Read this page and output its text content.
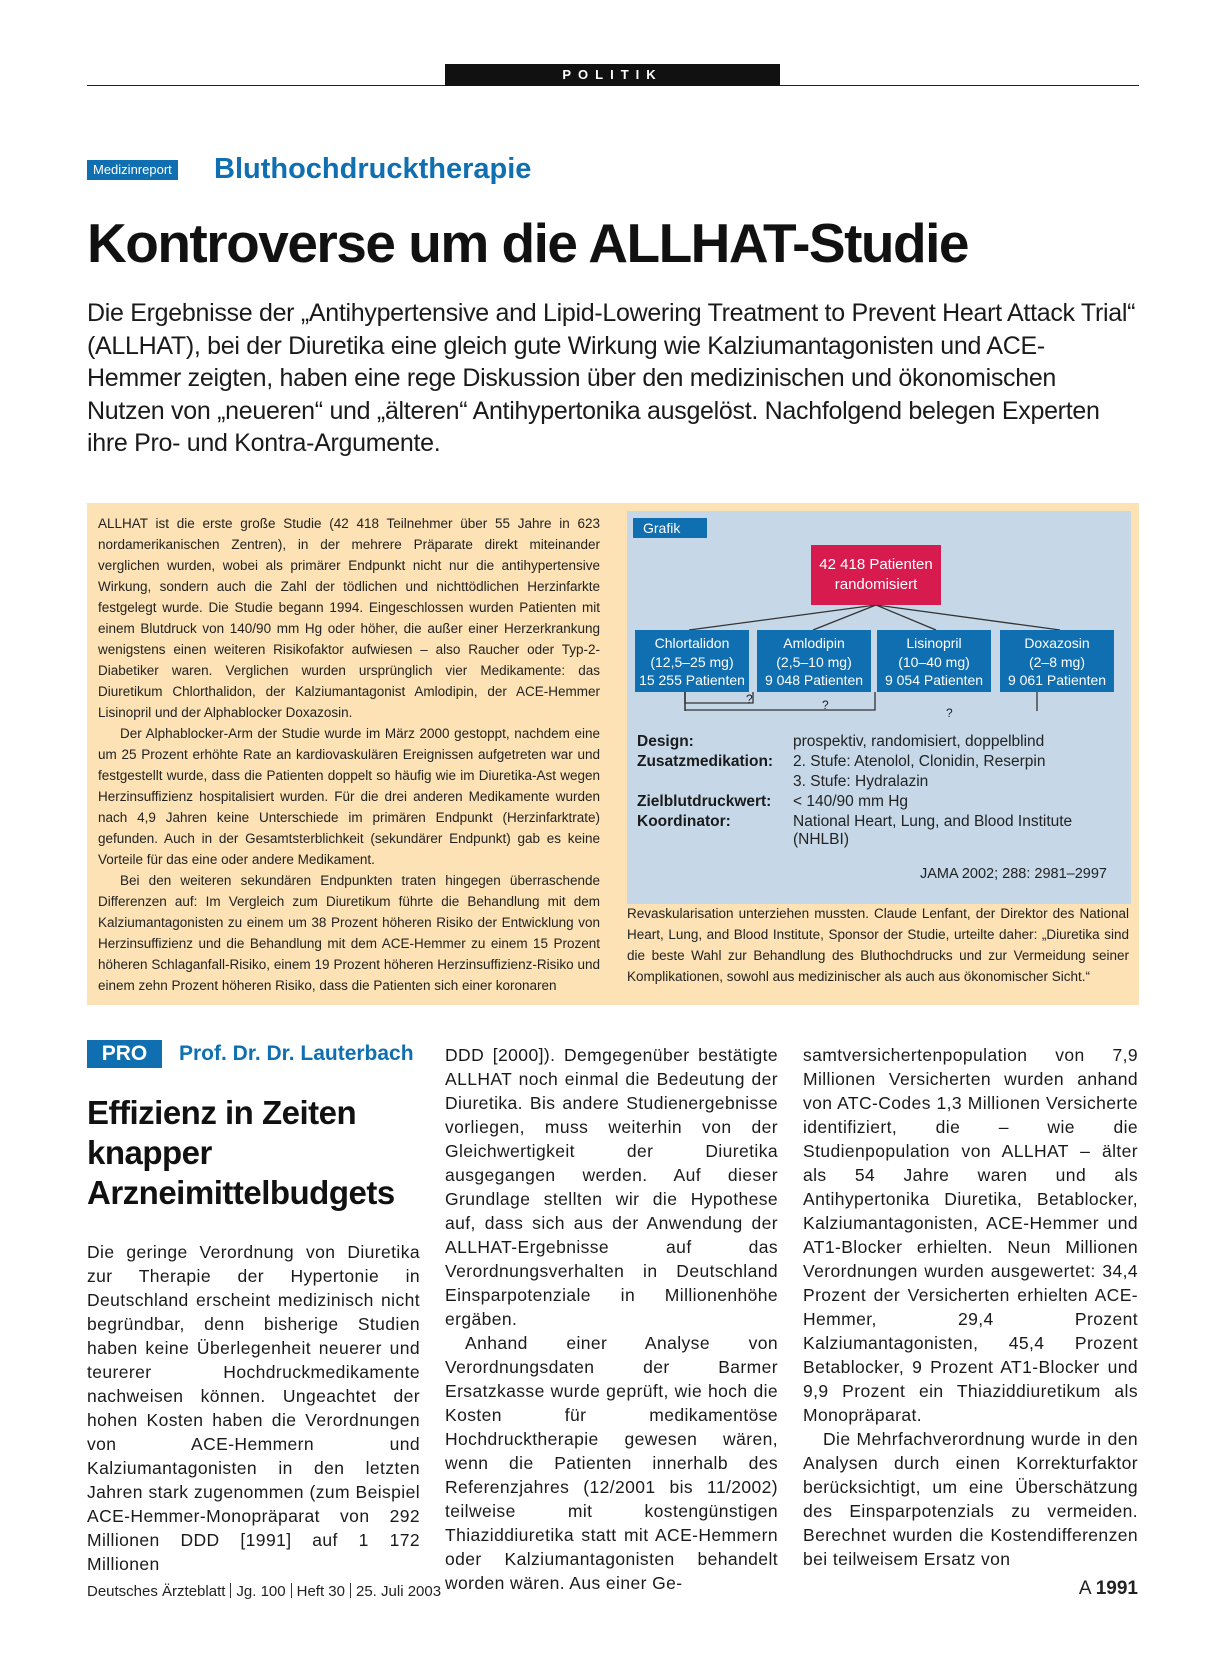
POLITIK
Medizinreport Bluthochdrucktherapie
Kontroverse um die ALLHAT-Studie

Die Ergebnisse der „Antihypertensive and Lipid-Lowering Treatment to Prevent Heart Attack Trial“ (ALLHAT), bei der Diuretika eine gleich gute Wirkung wie Kalziumantagonisten und ACE-Hemmer zeigten, haben eine rege Diskussion über den medizinischen und ökonomischen Nutzen von „neueren“ und „älteren“ Antihypertonika ausgelöst. Nachfolgend belegen Experten ihre Pro- und Kontra-Argumente.

ALLHAT ist die erste große Studie (42 418 Teilnehmer über 55 Jahre in 623 nordamerikanischen Zentren), in der mehrere Präparate direkt miteinander verglichen wurden, wobei als primärer Endpunkt nicht nur die antihypertensive Wirkung, sondern auch die Zahl der tödlichen und nichttödlichen Herzinfarkte festgelegt wurde. Die Studie begann 1994. Eingeschlossen wurden Patienten mit einem Blutdruck von 140/90 mm Hg oder höher, die außer einer Herzerkrankung wenigstens einen weiteren Risikofaktor aufwiesen – also Raucher oder Typ-2-Diabetiker waren. Verglichen wurden ursprünglich vier Medikamente: das Diuretikum Chlorthalidon, der Kalziumantagonist Amlodipin, der ACE-Hemmer Lisinopril und der Alphablocker Doxazosin.

Der Alphablocker-Arm der Studie wurde im März 2000 gestoppt, nachdem eine um 25 Prozent erhöhte Rate an kardiovaskulären Ereignissen aufgetreten war und festgestellt wurde, dass die Patienten doppelt so häufig wie im Diuretika-Ast wegen Herzinsuffizienz hospitalisiert wurden. Für die drei anderen Medikamente wurden nach 4,9 Jahren keine Unterschiede im primären Endpunkt (Herzinfarktrate) gefunden. Auch in der Gesamtsterblichkeit (sekundärer Endpunkt) gab es keine Vorteile für das eine oder andere Medikament.

Bei den weiteren sekundären Endpunkten traten hingegen überraschende Differenzen auf: Im Vergleich zum Diuretikum führte die Behandlung mit dem Kalziumantagonisten zu einem um 38 Prozent höheren Risiko der Entwicklung von Herzinsuffizienz und die Behandlung mit dem ACE-Hemmer zu einem 15 Prozent höheren Schlaganfall-Risiko, einem 19 Prozent höheren Herzinsuffizienz-Risiko und einem zehn Prozent höheren Risiko, dass die Patienten sich einer koronaren

Grafik
42 418 Patienten
randomisiert
Chlortalidon
(12,5–25 mg)
15 255 Patienten
Amlodipin
(2,5–10 mg)
9 048 Patienten
Lisinopril
(10–40 mg)
9 054 Patienten
Doxazosin
(2–8 mg)
9 061 Patienten
?	?
?
Design:	prospektiv, randomisiert, doppelblind
Zusatzmedikation: 2. Stufe: Atenolol, Clonidin, Reserpin
3. Stufe: Hydralazin
Zielblutdruckwert: < 140/90 mm Hg
Koordinator:	National Heart, Lung, and Blood Institute (NHLBI)
JAMA 2002; 288: 2981–2997

Revaskularisation unterziehen mussten. Claude Lenfant, der Direktor des National Heart, Lung, and Blood Institute, Sponsor der Studie, urteilte daher: „Diuretika sind die beste Wahl zur Behandlung des Bluthochdrucks und zur Vermeidung seiner Komplikationen, sowohl aus medizinischer als auch aus ökonomischer Sicht.“

PRO	Prof. Dr. Dr. Lauterbach
Effizienz in Zeiten knapper Arzneimittelbudgets

Die geringe Verordnung von Diuretika zur Therapie der Hypertonie in Deutschland erscheint medizinisch nicht begründbar, denn bisherige Studien haben keine Überlegenheit neuerer und teurerer Hochdruckmedikamente nachweisen können. Ungeachtet der hohen Kosten haben die Verordnungen von ACE-Hemmern und Kalziumantagonisten in den letzten Jahren stark zugenommen (zum Beispiel ACE-Hemmer-Monopräparat von 292 Millionen DDD [1991] auf 1 172 Millionen

DDD [2000]). Demgegenüber bestätigte ALLHAT noch einmal die Bedeutung der Diuretika. Bis andere Studienergebnisse vorliegen, muss weiterhin von der Gleichwertigkeit der Diuretika ausgegangen werden. Auf dieser Grundlage stellten wir die Hypothese auf, dass sich aus der Anwendung der ALLHAT-Ergebnisse auf das Verordnungsverhalten in Deutschland Einsparpotenziale in Millionenhöhe ergäben.

Anhand einer Analyse von Verordnungsdaten der Barmer Ersatzkasse wurde geprüft, wie hoch die Kosten für medikamentöse Hochdrucktherapie gewesen wären, wenn die Patienten innerhalb des Referenzjahres (12/2001 bis 11/2002) teilweise mit kostengünstigen Thiaziddiuretika statt mit ACE-Hemmern oder Kalziumantagonisten behandelt worden wären. Aus einer Ge-

samtversichertenpopulation von 7,9 Millionen Versicherten wurden anhand von ATC-Codes 1,3 Millionen Versicherte identifiziert, die – wie die Studienpopulation von ALLHAT – älter als 54 Jahre waren und als Antihypertonika Diuretika, Betablocker, Kalziumantagonisten, ACE-Hemmer und AT1-Blocker erhielten. Neun Millionen Verordnungen wurden ausgewertet: 34,4 Prozent der Versicherten erhielten ACE-Hemmer, 29,4 Prozent Kalziumantagonisten, 45,4 Prozent Betablocker, 9 Prozent AT1-Blocker und 9,9 Prozent ein Thiaziddiuretikum als Monopräparat.

Die Mehrfachverordnung wurde in den Analysen durch einen Korrekturfaktor berücksichtigt, um eine Überschätzung des Einsparpotenzials zu vermeiden. Berechnet wurden die Kostendifferenzen bei teilweisem Ersatz von

Deutsches Ärzteblatt Jg. 100 Heft 30 25. Juli 2003	A 1991
